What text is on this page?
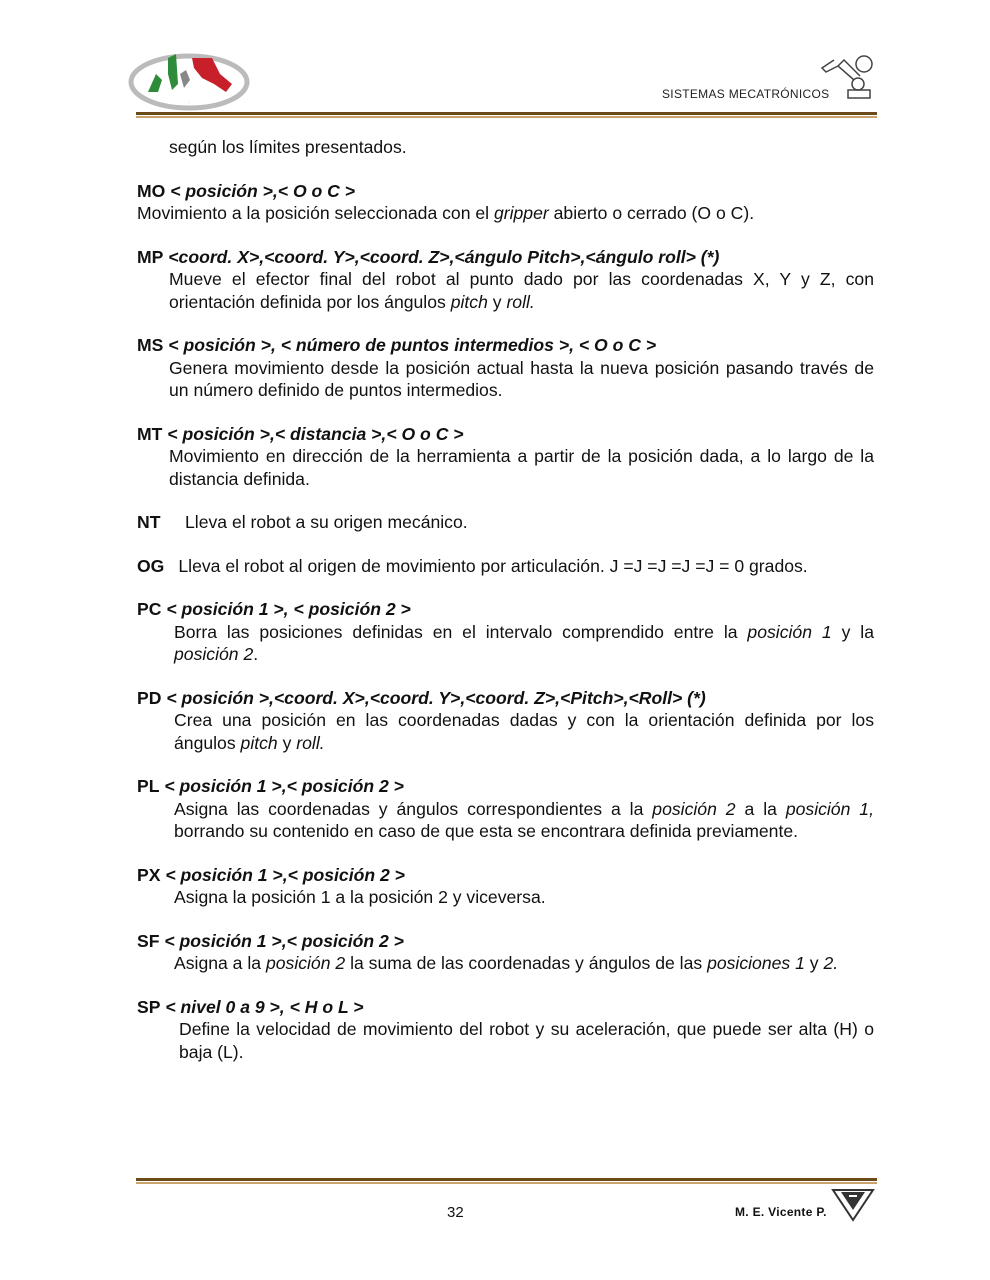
·
SISTEMAS MECATRÓNICOS
según los límites presentados.
MO < posición >,< O o C >
Movimiento a la posición seleccionada con el gripper abierto o cerrado (O o C).
MP <coord. X>,<coord. Y>,<coord. Z>,<ángulo Pitch>,<ángulo roll> (*)
Mueve el efector final del robot al punto dado por las coordenadas X, Y y Z, con orientación definida por los ángulos pitch y roll.
MS < posición >, < número de puntos intermedios >, < O o C >
Genera movimiento desde la posición actual hasta la nueva posición pasando través de un número definido de puntos intermedios.
MT < posición >,< distancia >,< O o C >
Movimiento en dirección de la herramienta a partir de la posición dada, a lo largo de la distancia definida.
NT	Lleva el robot a su origen mecánico.
OG Lleva el robot al origen de movimiento por articulación. J =J =J =J =J = 0 grados.
PC < posición 1 >, < posición 2 >
Borra las posiciones definidas en el intervalo comprendido entre la posición 1 y la posición 2.
PD < posición >,<coord. X>,<coord. Y>,<coord. Z>,<Pitch>,<Roll> (*)
Crea una posición en las coordenadas dadas y con la orientación definida por los ángulos pitch y roll.
PL < posición 1 >,< posición 2 >
Asigna las coordenadas y ángulos correspondientes a la posición 2 a la posición 1, borrando su contenido en caso de que esta se encontrara definida previamente.
PX < posición 1 >,< posición 2 >
Asigna la posición 1 a la posición 2 y viceversa.
SF < posición 1 >,< posición 2 >
Asigna a la posición 2 la suma de las coordenadas y ángulos de las posiciones 1 y 2.
SP < nivel 0 a 9 >, < H o L >
Define la velocidad de movimiento del robot y su aceleración, que puede ser alta (H) o baja (L).
32	M. E. Vicente P.
